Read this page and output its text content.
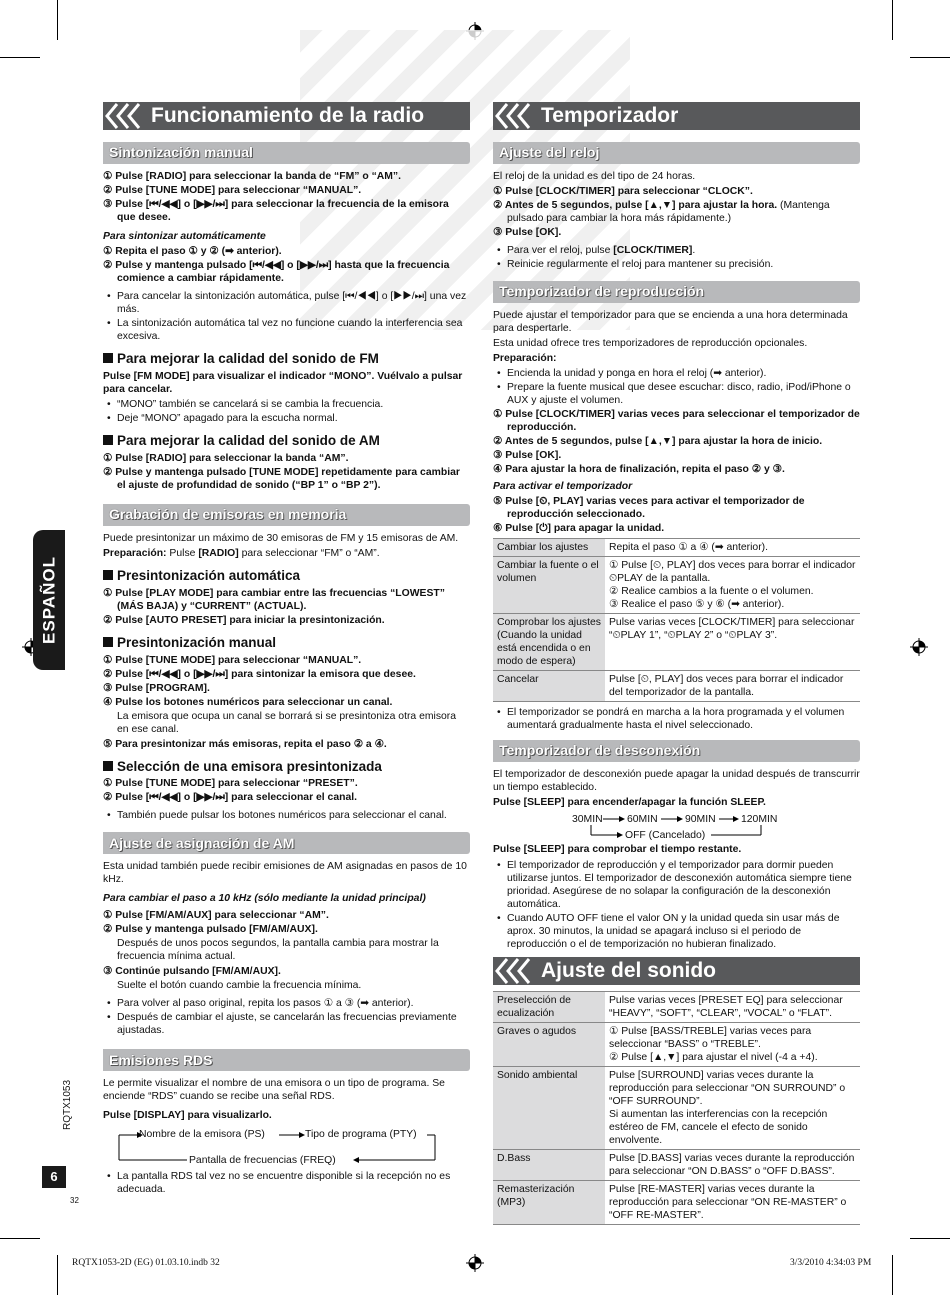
ESPAÑOL
RQTX1053
6
32
Funcionamiento de la radio
Sintonización manual

① Pulse [RADIO] para seleccionar la banda de “FM” o “AM”.

② Pulse [TUNE MODE] para seleccionar “MANUAL”.

③ Pulse [⏮/◀◀] o [▶▶/⏭] para seleccionar la frecuencia de la emisora que desee.

Para sintonizar automáticamente

① Repita el paso ① y ② (➡ anterior).

② Pulse y mantenga pulsado [⏮/◀◀] o [▶▶/⏭] hasta que la frecuencia comience a cambiar rápidamente.

• Para cancelar la sintonización automática, pulse [⏮/◀◀] o [▶▶/⏭] una vez más.

• La sintonización automática tal vez no funcione cuando la interferencia sea excesiva.

Para mejorar la calidad del sonido de FM

Pulse [FM MODE] para visualizar el indicador “MONO”. Vuélvalo a pulsar para cancelar.

• “MONO” también se cancelará si se cambia la frecuencia.

• Deje “MONO” apagado para la escucha normal.

Para mejorar la calidad del sonido de AM

① Pulse [RADIO] para seleccionar la banda “AM”.

② Pulse y mantenga pulsado [TUNE MODE] repetidamente para cambiar el ajuste de profundidad de sonido (“BP 1” o “BP 2”).

Grabación de emisoras en memoria

Puede presintonizar un máximo de 30 emisoras de FM y 15 emisoras de AM.

Preparación: Pulse [RADIO] para seleccionar “FM” o “AM”.

Presintonización automática

① Pulse [PLAY MODE] para cambiar entre las frecuencias “LOWEST” (MÁS BAJA) y “CURRENT” (ACTUAL).

② Pulse [AUTO PRESET] para iniciar la presintonización.

Presintonización manual

① Pulse [TUNE MODE] para seleccionar “MANUAL”.

② Pulse [⏮/◀◀] o [▶▶/⏭] para sintonizar la emisora que desee.

③ Pulse [PROGRAM].

④ Pulse los botones numéricos para seleccionar un canal.

La emisora que ocupa un canal se borrará si se presintoniza otra emisora en ese canal.

⑤ Para presintonizar más emisoras, repita el paso ② a ④.

Selección de una emisora presintonizada

① Pulse [TUNE MODE] para seleccionar “PRESET”.

② Pulse [⏮/◀◀] o [▶▶/⏭] para seleccionar el canal.

• También puede pulsar los botones numéricos para seleccionar el canal.

Ajuste de asignación de AM

Esta unidad también puede recibir emisiones de AM asignadas en pasos de 10 kHz.

Para cambiar el paso a 10 kHz (sólo mediante la unidad principal)

① Pulse [FM/AM/AUX] para seleccionar “AM”.

② Pulse y mantenga pulsado [FM/AM/AUX].

Después de unos pocos segundos, la pantalla cambia para mostrar la frecuencia mínima actual.

③ Continúe pulsando [FM/AM/AUX].

Suelte el botón cuando cambie la frecuencia mínima.

• Para volver al paso original, repita los pasos ① a ③ (➡ anterior).

• Después de cambiar el ajuste, se cancelarán las frecuencias previamente ajustadas.

Emisiones RDS

Le permite visualizar el nombre de una emisora o un tipo de programa. Se enciende “RDS” cuando se recibe una señal RDS.

Pulse [DISPLAY] para visualizarlo.

Nombre de la emisora (PS)	Tipo de programa (PTY)
Pantalla de frecuencias (FREQ)

• La pantalla RDS tal vez no se encuentre disponible si la recepción no es adecuada.

Temporizador
Ajuste del reloj

El reloj de la unidad es del tipo de 24 horas.

① Pulse [CLOCK/TIMER] para seleccionar “CLOCK”.

② Antes de 5 segundos, pulse [▲,▼] para ajustar la hora. (Mantenga pulsado para cambiar la hora más rápidamente.)

③ Pulse [OK].

• Para ver el reloj, pulse [CLOCK/TIMER].

• Reinicie regularmente el reloj para mantener su precisión.

Temporizador de reproducción

Puede ajustar el temporizador para que se encienda a una hora determinada para despertarle.

Esta unidad ofrece tres temporizadores de reproducción opcionales.

Preparación:

• Encienda la unidad y ponga en hora el reloj (➡ anterior).

• Prepare la fuente musical que desee escuchar: disco, radio, iPod/iPhone o AUX y ajuste el volumen.

① Pulse [CLOCK/TIMER] varias veces para seleccionar el temporizador de reproducción.

② Antes de 5 segundos, pulse [▲,▼] para ajustar la hora de inicio.

③ Pulse [OK].

④ Para ajustar la hora de finalización, repita el paso ② y ③.

Para activar el temporizador

⑤ Pulse [⏲, PLAY] varias veces para activar el temporizador de reproducción seleccionado.

⑥ Pulse [⏻] para apagar la unidad.

Cambiar los ajustes	Repita el paso ① a ④ (➡ anterior).
Cambiar la fuente o el volumen	① Pulse [⏲, PLAY] dos veces para borrar el indicador ⏲PLAY de la pantalla.
② Realice cambios a la fuente o el volumen.
③ Realice el paso ⑤ y ⑥ (➡ anterior).
Comprobar los ajustes (Cuando la unidad está encendida o en modo de espera)	Pulse varias veces [CLOCK/TIMER] para seleccionar “⏲PLAY 1”, “⏲PLAY 2” o “⏲PLAY 3”.
Cancelar	Pulse [⏲, PLAY] dos veces para borrar el indicador del temporizador de la pantalla.

• El temporizador se pondrá en marcha a la hora programada y el volumen aumentará gradualmente hasta el nivel seleccionado.

Temporizador de desconexión

El temporizador de desconexión puede apagar la unidad después de transcurrir un tiempo establecido.

Pulse [SLEEP] para encender/apagar la función SLEEP.

30MIN 60MIN	90MIN 120MIN
OFF (Cancelado)

Pulse [SLEEP] para comprobar el tiempo restante.

• El temporizador de reproducción y el temporizador para dormir pueden utilizarse juntos. El temporizador de desconexión automática siempre tiene prioridad. Asegúrese de no solapar la configuración de la desconexión automática.

• Cuando AUTO OFF tiene el valor ON y la unidad queda sin usar más de aprox. 30 minutos, la unidad se apagará incluso si el periodo de reproducción o el de temporización no hubieran finalizado.

Ajuste del sonido
Preselección de ecualización	Pulse varias veces [PRESET EQ] para seleccionar “HEAVY”, “SOFT”, “CLEAR”, “VOCAL” o “FLAT”.
Graves o agudos	① Pulse [BASS/TREBLE] varias veces para seleccionar “BASS” o “TREBLE”.
② Pulse [▲,▼] para ajustar el nivel (-4 a +4).
Sonido ambiental	Pulse [SURROUND] varias veces durante la reproducción para seleccionar “ON SURROUND” o “OFF SURROUND”.
Si aumentan las interferencias con la recepción estéreo de FM, cancele el efecto de sonido envolvente.
D.Bass	Pulse [D.BASS] varias veces durante la reproducción para seleccionar “ON D.BASS” o “OFF D.BASS”.
Remasterización (MP3)	Pulse [RE-MASTER] varias veces durante la reproducción para seleccionar “ON RE-MASTER” o “OFF RE-MASTER”.
RQTX1053-2D (EG) 01.03.10.indb 32	3/3/2010 4:34:03 PM
